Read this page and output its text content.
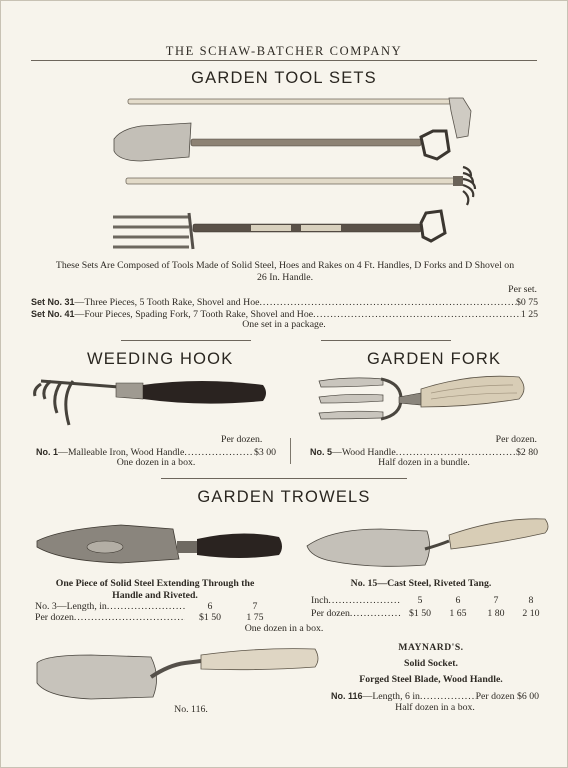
THE SCHAW-BATCHER COMPANY
GARDEN TOOL SETS
These Sets Are Composed of Tools Made of Solid Steel, Hoes and Rakes on 4 Ft. Handles, D Forks and D Shovel on
26 In. Handle.
Per set.
Set No. 31 —Three Pieces, 5 Tooth Rake, Shovel and Hoe .....	$0 75
Set No. 41 —Four Pieces, Spading Fork, 7 Tooth Rake, Shovel and Hoe .....	1 25
One set in a package.
WEEDING HOOK
Per dozen.
No. 1 —Malleable Iron, Wood Handle .....	$3 00
One dozen in a box.
GARDEN FORK
Per dozen.
No. 5 —Wood Handle .....	$2 80
Half dozen in a bundle.
GARDEN TROWELS
One Piece of Solid Steel Extending Through the
Handle and Riveted.
No. 3—Length, in .....	6	7
Per dozen .....	$1 50	1 75
No. 15—Cast Steel, Riveted Tang.
Inch .....	5	6	7	8
Per dozen .....	$1 50	1 65	1 80	2 10
One dozen in a box.
No. 116.
MAYNARD'S.
Solid Socket.
Forged Steel Blade, Wood Handle.
No. 116 —Length, 6 in .....	Per dozen $6 00
Half dozen in a box.
